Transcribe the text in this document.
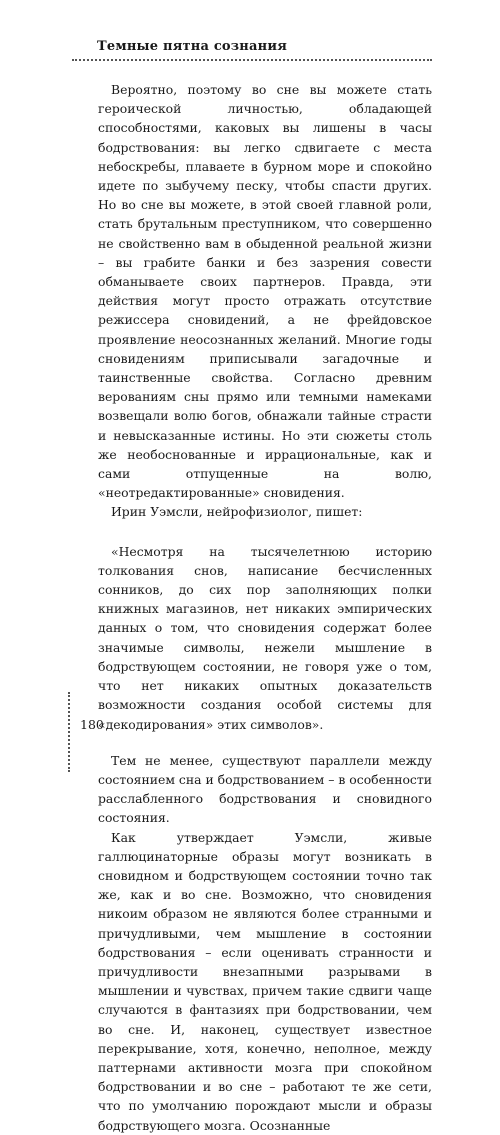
Темные пятна сознания

Вероятно, поэтому во сне вы можете стать героической личностью, обладающей способностями, каковых вы лишены в часы бодрствования: вы легко сдвигаете с места небоскребы, плаваете в бурном море и спокойно идете по зыбучему песку, чтобы спасти других. Но во сне вы можете, в этой своей главной роли, стать брутальным преступником, что совершенно не свойственно вам в обыденной реальной жизни – вы грабите банки и без зазрения совести обманываете своих партнеров. Правда, эти действия могут просто отражать отсутствие режиссера сновидений, а не фрейдовское проявление неосознанных желаний. Многие годы сновидениям приписывали загадочные и таинственные свойства. Согласно древним верованиям сны прямо или темными намеками возвещали волю богов, обнажали тайные страсти и невысказанные истины. Но эти сюжеты столь же необоснованные и иррациональные, как и сами отпущенные на волю, «неотредактированные» сновидения.

Ирин Уэмсли, нейрофизиолог, пишет:

«Несмотря на тысячелетнюю историю толкования снов, написание бесчисленных сонников, до сих пор заполняющих полки книжных магазинов, нет никаких эмпирических данных о том, что сновидения содержат более значимые символы, нежели мышление в бодрствующем состоянии, не говоря уже о том, что нет никаких опытных доказательств возможности создания особой системы для «декодирования» этих символов».

Тем не менее, существуют параллели между состоянием сна и бодрствованием – в особенности расслабленного бодрствования и сновидного состояния.

Как утверждает Уэмсли, живые галлюцинаторные образы могут возникать в сновидном и бодрствующем состоянии точно так же, как и во сне. Возможно, что сновидения никоим образом не являются более странными и причудливыми, чем мышление в состоянии бодрствования – если оценивать странности и причудливости внезапными разрывами в мышлении и чувствах, причем такие сдвиги чаще случаются в фантазиях при бодрствовании, чем во сне. И, наконец, существует известное перекрывание, хотя, конечно, неполное, между паттернами активности мозга при спокойном бодрствовании и во сне – работают те же сети, что по умолчанию порождают мысли и образы бодрствующего мозга. Осознанные

180
